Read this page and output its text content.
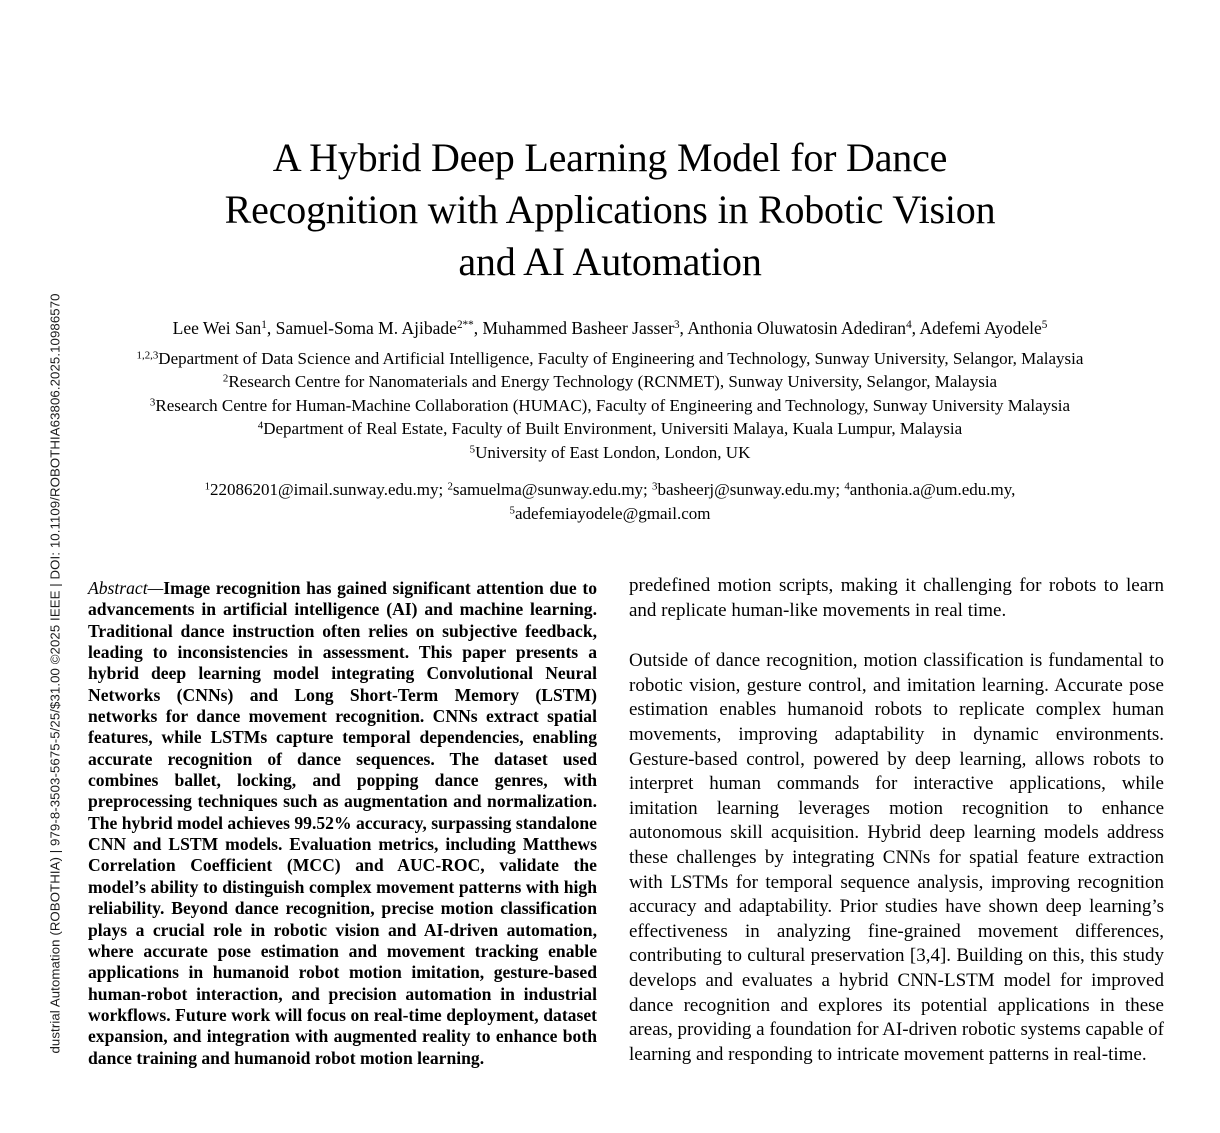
dustrial Automation (ROBOTHIA) | 979-8-3503-5675-5/25/$31.00 ©2025 IEEE | DOI: 10.1109/ROBOTHIA63806.2025.10986570
A Hybrid Deep Learning Model for Dance
Recognition with Applications in Robotic Vision
and AI Automation
Lee Wei San$^1$, Samuel-Soma M. Ajibade$^{2**}$, Muhammed Basheer Jasser$^3$, Anthonia Oluwatosin Adediran$^4$, Adefemi Ayodele$^5$
$^{1,2,3}$Department of Data Science and Artificial Intelligence, Faculty of Engineering and Technology, Sunway University, Selangor, Malaysia
$^2$Research Centre for Nanomaterials and Energy Technology (RCNMET), Sunway University, Selangor, Malaysia
$^3$Research Centre for Human-Machine Collaboration (HUMAC), Faculty of Engineering and Technology, Sunway University Malaysia
$^4$Department of Real Estate, Faculty of Built Environment, Universiti Malaya, Kuala Lumpur, Malaysia
$^5$University of East London, London, UK
$^1$22086201@imail.sunway.edu.my; $^2$samuelma@sunway.edu.my; $^3$basheerj@sunway.edu.my; $^4$anthonia.a@um.edu.my,
$^5$adefemiayodele@gmail.com

Abstract—Image recognition has gained significant attention due to advancements in artificial intelligence (AI) and machine learning. Traditional dance instruction often relies on subjective feedback, leading to inconsistencies in assessment. This paper presents a hybrid deep learning model integrating Convolutional Neural Networks (CNNs) and Long Short-Term Memory (LSTM) networks for dance movement recognition. CNNs extract spatial features, while LSTMs capture temporal dependencies, enabling accurate recognition of dance sequences. The dataset used combines ballet, locking, and popping dance genres, with preprocessing techniques such as augmentation and normalization. The hybrid model achieves 99.52% accuracy, surpassing standalone CNN and LSTM models. Evaluation metrics, including Matthews Correlation Coefficient (MCC) and AUC-ROC, validate the model’s ability to distinguish complex movement patterns with high reliability. Beyond dance recognition, precise motion classification plays a crucial role in robotic vision and AI-driven automation, where accurate pose estimation and movement tracking enable applications in humanoid robot motion imitation, gesture-based human-robot interaction, and precision automation in industrial workflows. Future work will focus on real-time deployment, dataset expansion, and integration with augmented reality to enhance both dance training and humanoid robot motion learning.

predefined motion scripts, making it challenging for robots to learn and replicate human-like movements in real time.

Outside of dance recognition, motion classification is fundamental to robotic vision, gesture control, and imitation learning. Accurate pose estimation enables humanoid robots to replicate complex human movements, improving adaptability in dynamic environments. Gesture-based control, powered by deep learning, allows robots to interpret human commands for interactive applications, while imitation learning leverages motion recognition to enhance autonomous skill acquisition. Hybrid deep learning models address these challenges by integrating CNNs for spatial feature extraction with LSTMs for temporal sequence analysis, improving recognition accuracy and adaptability. Prior studies have shown deep learning’s effectiveness in analyzing fine-grained movement differences, contributing to cultural preservation [3,4]. Building on this, this study develops and evaluates a hybrid CNN-LSTM model for improved dance recognition and explores its potential applications in these areas, providing a foundation for AI-driven robotic systems capable of learning and responding to intricate movement patterns in real-time.
